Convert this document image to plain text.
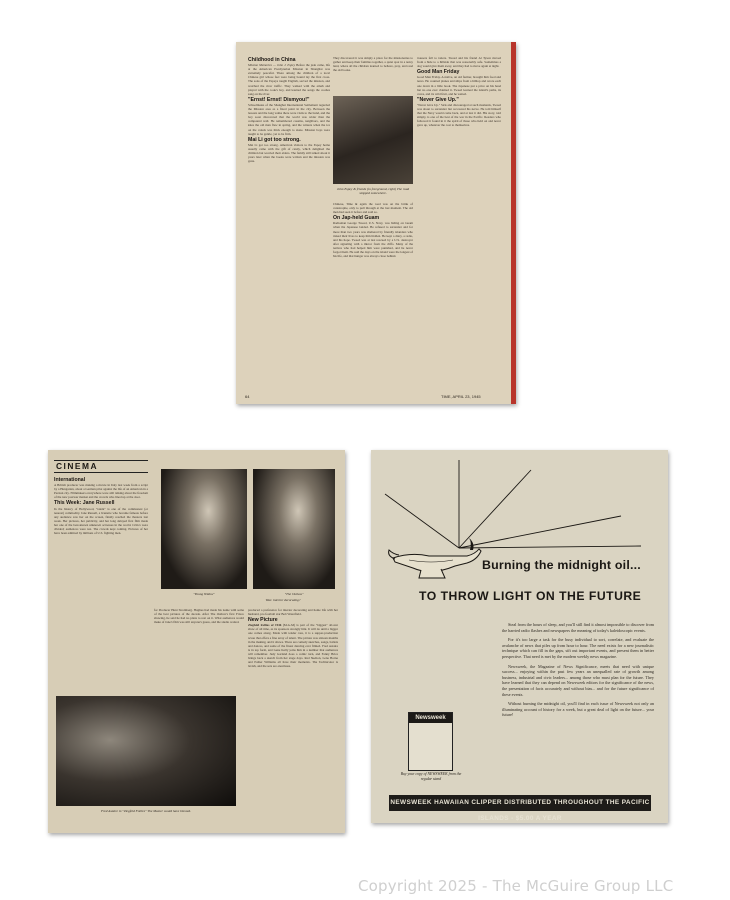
Childhood in China
Mission Memories — John J. Espey Before the jade came, life at the American Presbyterian Mission in Shanghai was extremely peaceful. There among the children of a local Chinese girl whose feet were being bound lay the first cross. The sons of the Espeys taught English, served the mission, and watched the river traffic. They walked with the amah and played with the cook's boy, and learned the songs the coolies sang on the river.
"Ernst! Ernst! Dismyou!"
Schoolmates of the Shanghai International Settlement regarded the Mission area as a fixed point in the city. Between the lessons and the long walks there were visits to the bund, and the boy soon discovered that the world was wider than the compound wall. He remembered cousins, neighbors, and the kites the old man flew in spring, and the winters when the ice on the canals was thick enough to skate. Mission boys were taught to be gentle, yet to be firm.
Mai Li got too strong.
Mai Li got too strong. American visitors to the Espey home usually came with the gift of candy, which delighted the children but worried their elders. The family still talked about it years later when the books were written and the mission was gone.
John Espey & friends (in foreground, right) The road stopped somewhere.
They discovered it was simply a place for the missionaries to gather and keep their families together, a quiet spot in a noisy land, where all the children learned to behave, pray, and read the old books.
Chinese, Time & again the road was on the brink of catastrophe, only to pull through at the last moment. The old men had seen it before and said so.
On Jap-held Guam
Radioman George Tweed, U.S. Navy, was hiding on Guam when the Japanese landed. He refused to surrender and for more than two years was sheltered by friendly islanders who risked their lives to keep him hidden. He kept a diary, a radio, and his hope. Tweed was at last rescued by a U.S. destroyer after signaling with a mirror from the cliffs. Many of the natives who had helped him were punished, and he never forgot them. He said the days on the island were the longest of his life, and that hunger was always close behind.
trousers fell to tatters. Tweed and his friend Al Tyson moved from a hide to a hillside that was reasonably safe. Sometimes a dog would give them away, and they had to move again at night.
Good Man Friday
Good Man Friday. A native, an old farmer, brought him food and news. He counted planes and ships from a hilltop and wrote each one down in a little book. The Japanese put a price on his head but no one ever claimed it. Tweed learned the island's paths, its caves, and its wild fruit, and he waited.
"Never Give Up."
"Never Give Up." Sick and discouraged at such moments, Tweed was about to surrender but recovered his nerve. He told himself that the Navy would come back, and at last it did. His story, told simply, is one of the best of the war in the Pacific. Readers who followed it found in it the spirit of those who held on and never gave up, whatever the cost to themselves.
64	TIME, APRIL 23, 1945
CINEMA
International
A British producer was making a movie in Italy last week from a script by a Hungarian, about a German pilot against the life of an American in a Persian city. Filmmakers everywhere were still talking about the freedom of the new postwar market and the crowds who lined up at the door.
This Week: Jane Russell
In the history of Hollywood, "talent" is one of the commonest (or nearest) commodity. Jane Russell, a brunette who became famous before any audience saw her on the screen, finally reached the theaters last week. Her pictures, her publicity, and her long delayed first film made her one of the best-known unknown actresses in the world. Critics were divided; audiences were not. The crowds kept coming. Pictures of her have been admired by millions of U.S. fighting men.
"Young Widow"	"The Outlaw"
Was: interior decorating?
for Producer Hunt Stromberg. Hughes had made his name with some of the best pictures of the decade. After The Outlaw's first Frisco showing, he said he had no plans to rest on it. What audiences would make of Jane's film was still anyone's guess, and the studio waited.
produced a preference for interior decorating and home life with her husband, pro football star Bob Waterfield.
New Picture
Ziegfeld Follies of 1946 (M-G-M) is part of the "biggest" all-star show of all time, as its sponsors strongly hint. It will do until a bigger one comes along. Made with tender care, it is a supper-production revue that offers a fine array of talent. The picture was sixteen months in the making, and it shows. There are comedy sketches, songs, ballets and dances, and some of the finest dancing ever filmed. Fred Astaire is in top form, and Gene Kelly joins him in a number that audiences will remember. Judy Garland does a comic turn, and Fanny Brice brings back a sketch from her stage days. Red Skelton, Lena Horne and Esther Williams all have their moments. The Technicolor is lavish, and the sets are enormous.
Fred Astaire in "Ziegfeld Follies" The Master would have blessed.
Burning the midnight oil...
TO THROW LIGHT ON THE FUTURE

Steal from the hours of sleep, and you'll still find it almost impossible to discover from the harried radio flashes and newspapers the meaning of today's kaleidoscopic events.

For it's too large a task for the busy individual to sort, correlate, and evaluate the avalanche of news that piles up from hour to hour. The need exists for a new journalistic technique which can fill in the gaps, sift out important events, and present them in better perspective. That need is met by the modern weekly news magazine.

Newsweek, the Magazine of News Significance, meets that need with unique success... enjoying within the past few years an unequalled rate of growth among business, industrial and civic leaders... among those who must plan for the future. They have learned that they can depend on Newsweek editors for the significance of the news, the presentation of facts accurately and without bias... and for the future significance of these events.

Without burning the midnight oil, you'll find in each issue of Newsweek not only an illuminating account of history for a week, but a great deal of light on the future... your future!

Newsweek
Buy your copy of NEWSWEEK from the regular stand
NEWSWEEK HAWAIIAN CLIPPER DISTRIBUTED THROUGHOUT THE PACIFIC ISLANDS - $5.00 A YEAR
Copyright 2025 - The McGuire Group LLC
